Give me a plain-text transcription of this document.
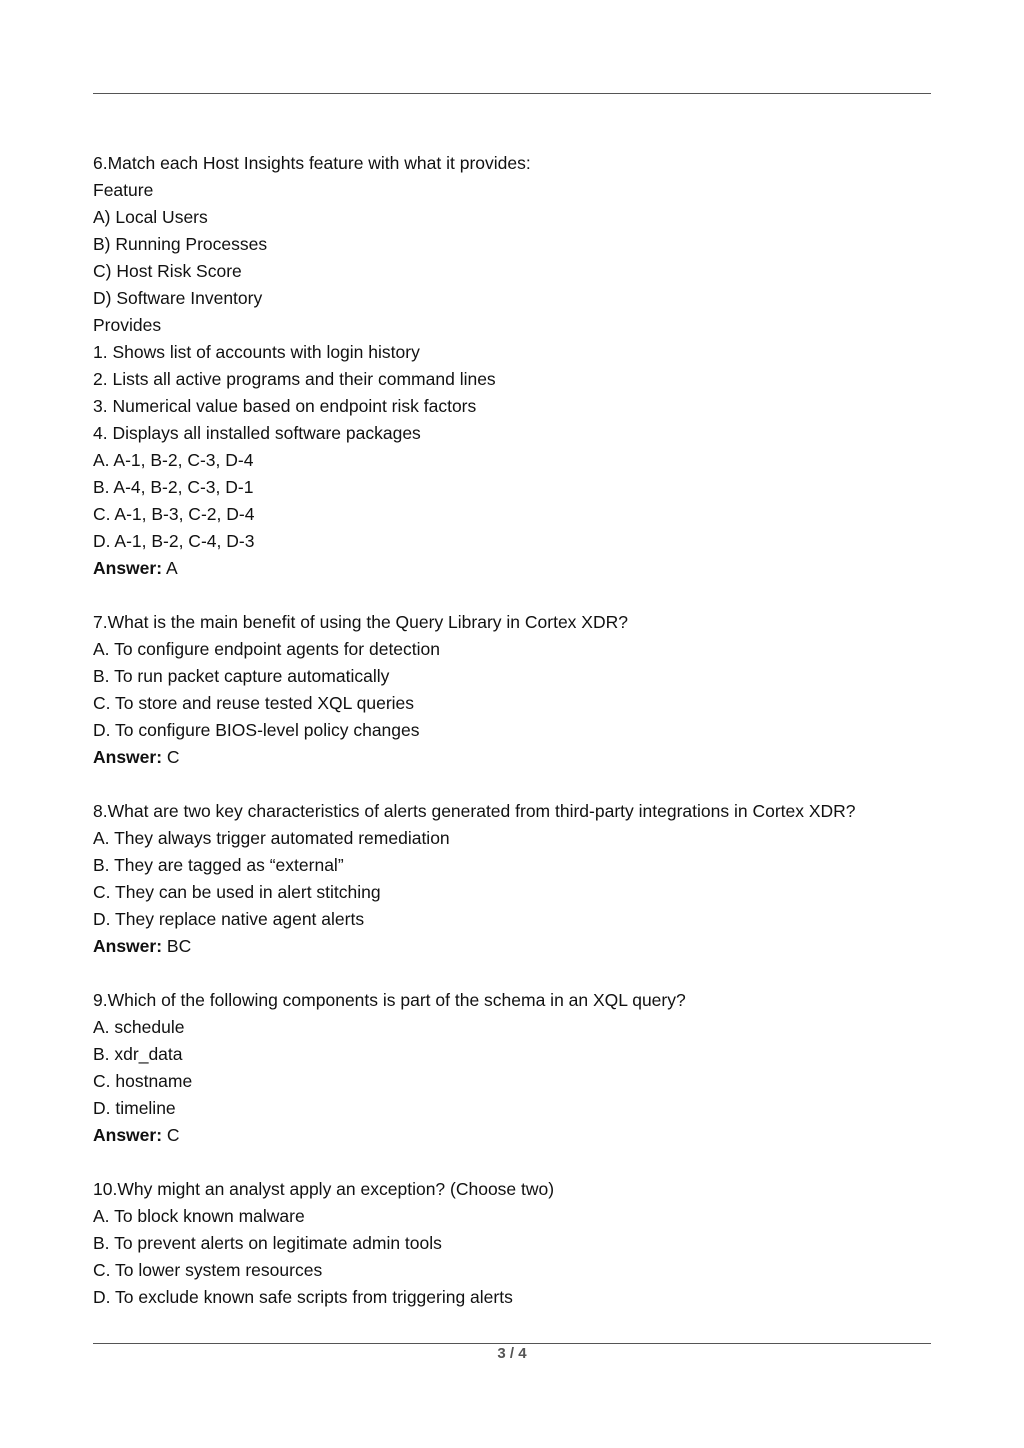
6.Match each Host Insights feature with what it provides:
Feature
A) Local Users
B) Running Processes
C) Host Risk Score
D) Software Inventory
Provides
1. Shows list of accounts with login history
2. Lists all active programs and their command lines
3. Numerical value based on endpoint risk factors
4. Displays all installed software packages
A. A-1, B-2, C-3, D-4
B. A-4, B-2, C-3, D-1
C. A-1, B-3, C-2, D-4
D. A-1, B-2, C-4, D-3
Answer: A
7.What is the main benefit of using the Query Library in Cortex XDR?
A. To configure endpoint agents for detection
B. To run packet capture automatically
C. To store and reuse tested XQL queries
D. To configure BIOS-level policy changes
Answer: C
8.What are two key characteristics of alerts generated from third-party integrations in Cortex XDR?
A. They always trigger automated remediation
B. They are tagged as “external”
C. They can be used in alert stitching
D. They replace native agent alerts
Answer: BC
9.Which of the following components is part of the schema in an XQL query?
A. schedule
B. xdr_data
C. hostname
D. timeline
Answer: C
10.Why might an analyst apply an exception? (Choose two)
A. To block known malware
B. To prevent alerts on legitimate admin tools
C. To lower system resources
D. To exclude known safe scripts from triggering alerts
3 / 4
